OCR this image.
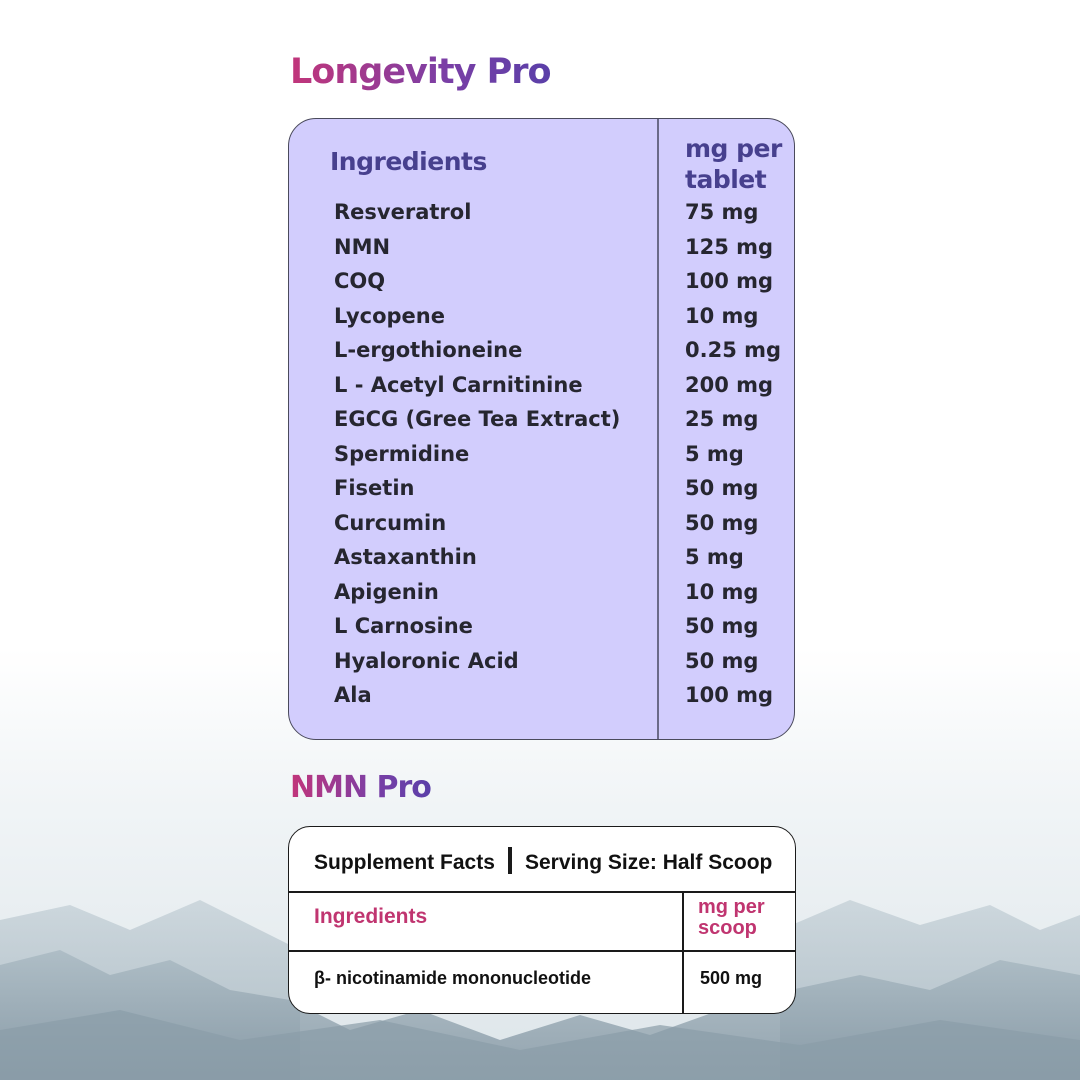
Longevity Pro
Ingredients	mg per tablet
Resveratrol	75 mg
NMN	125 mg
COQ	100 mg
Lycopene	10 mg
L-ergothioneine	0.25 mg
L - Acetyl Carnitinine	200 mg
EGCG (Gree Tea Extract)	25 mg
Spermidine	5 mg
Fisetin	50 mg
Curcumin	50 mg
Astaxanthin	5 mg
Apigenin	10 mg
L Carnosine	50 mg
Hyaloronic Acid	50 mg
Ala	100 mg
NMN Pro
Supplement Facts Serving Size: Half Scoop
Ingredients	mg per scoop
β- nicotinamide mononucleotide	500 mg
